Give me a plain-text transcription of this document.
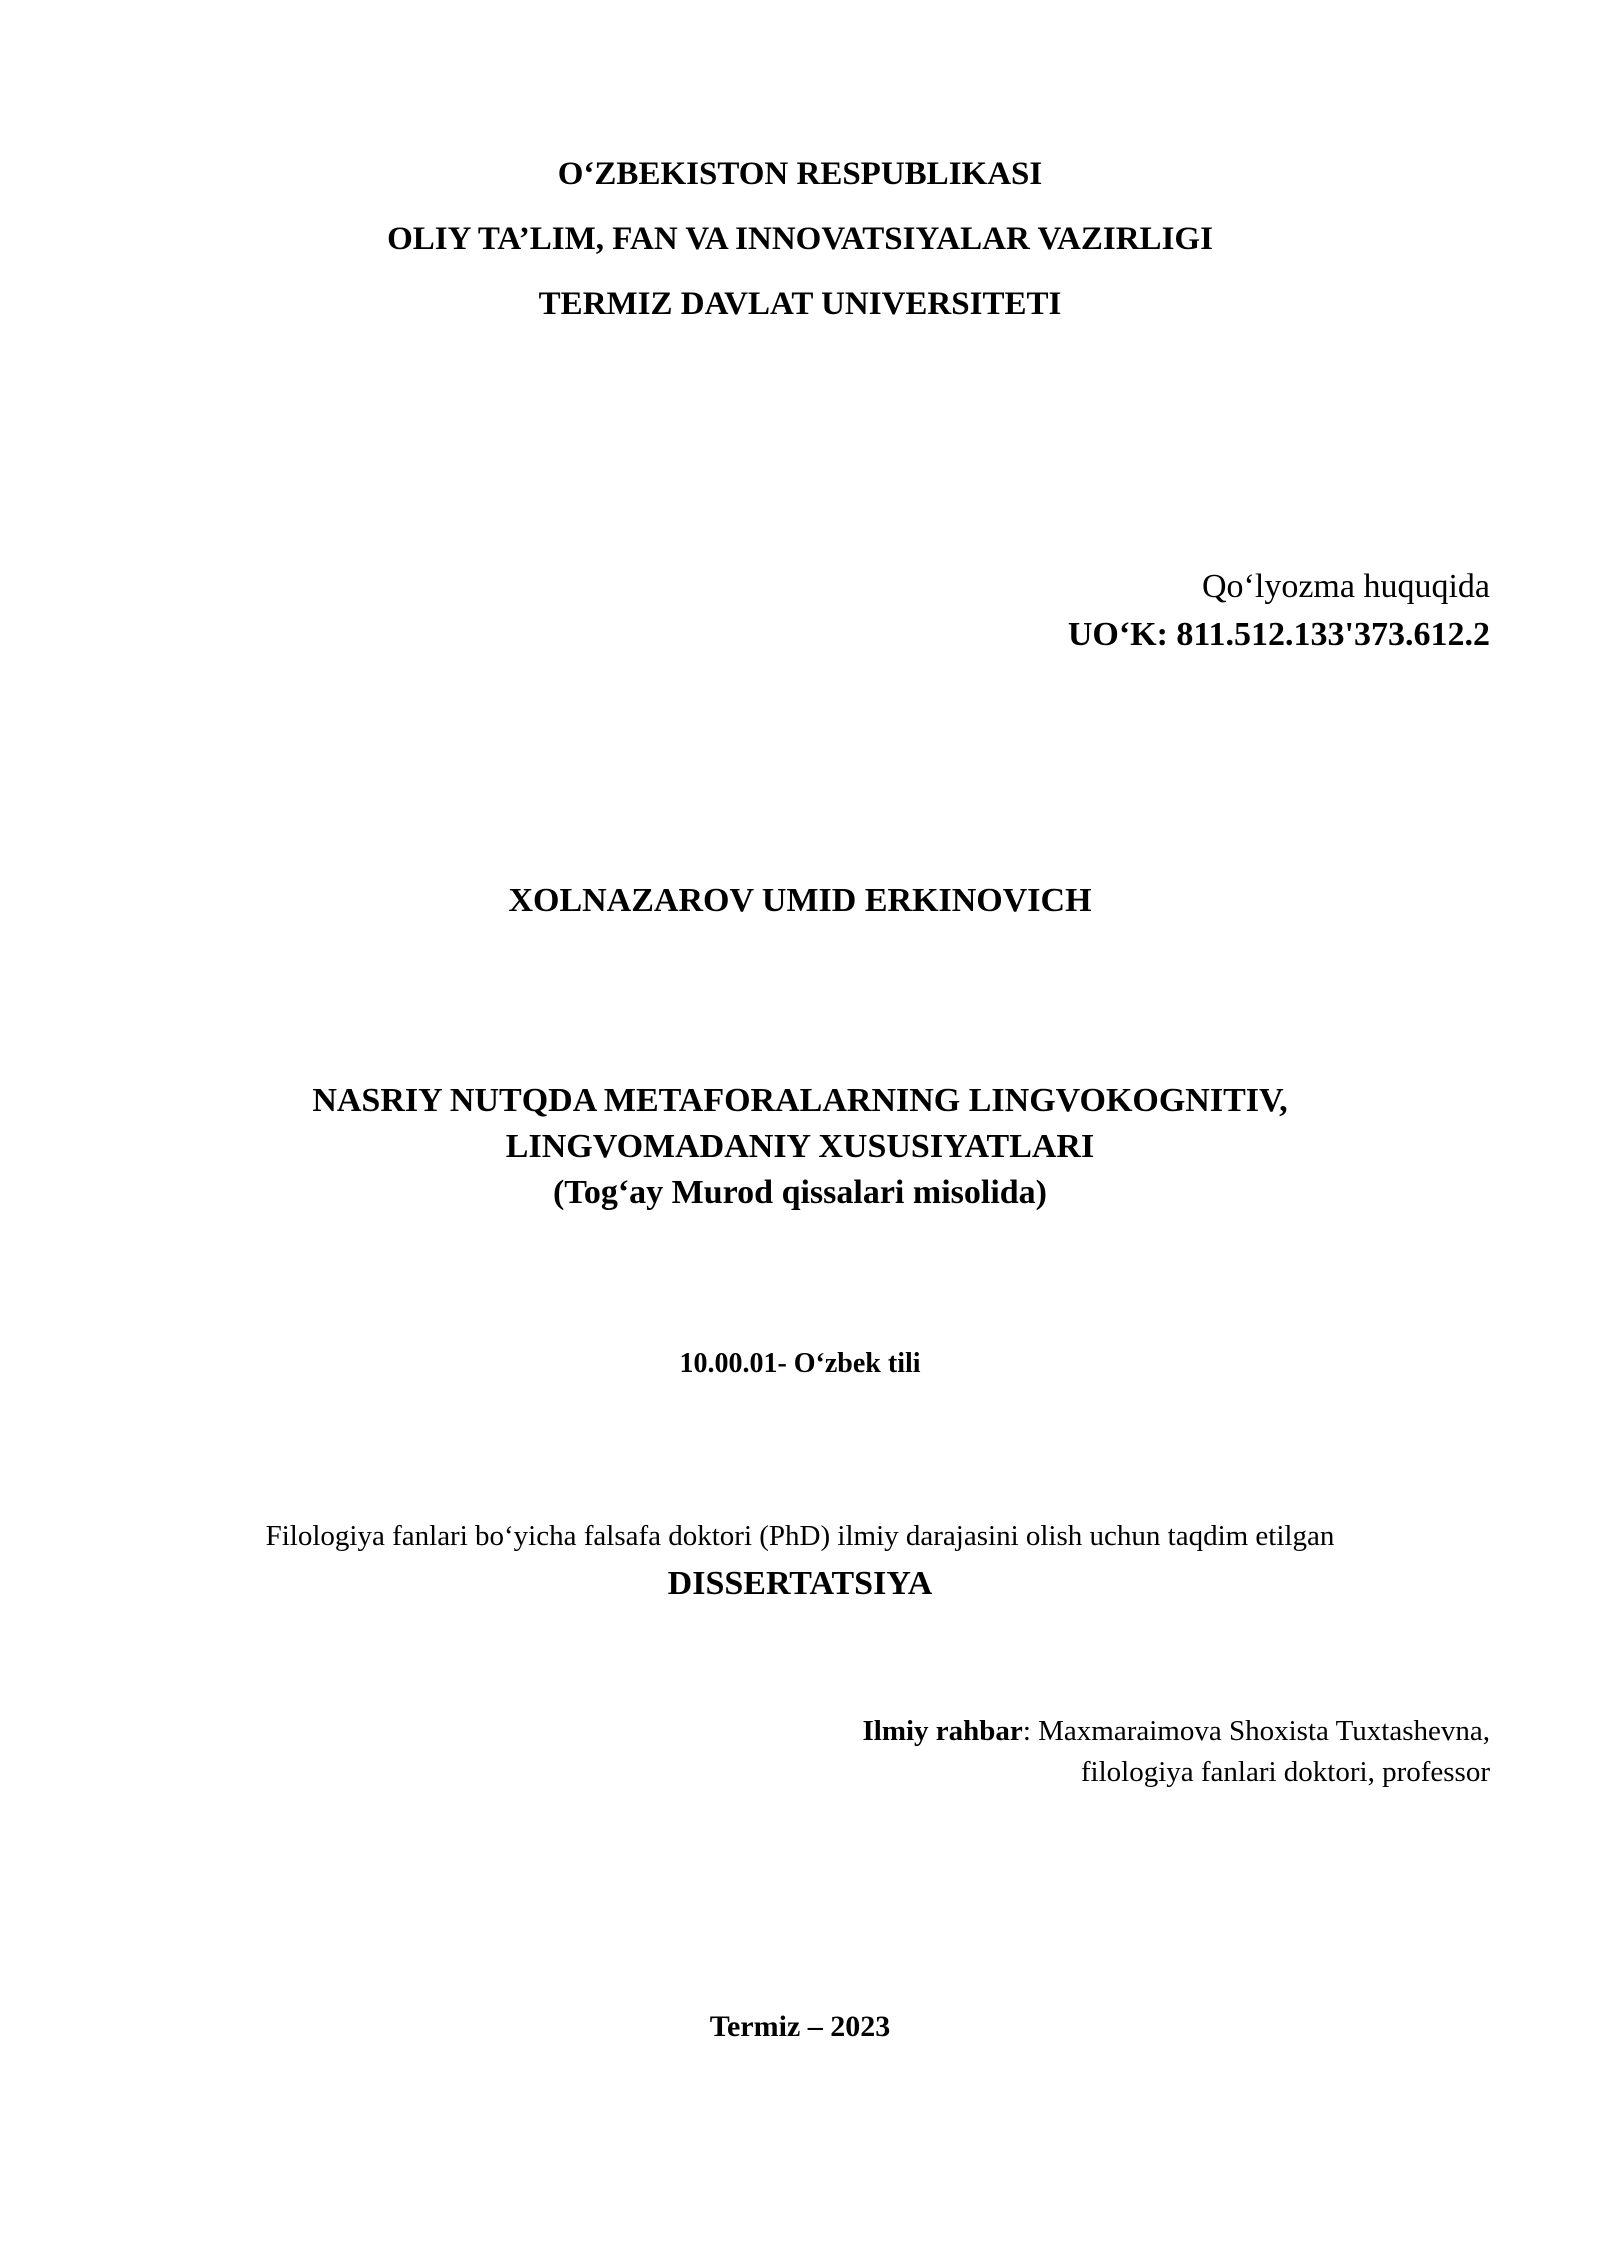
O‘ZBEKISTON RESPUBLIKASI
OLIY TA’LIM, FAN VA INNOVATSIYALAR VAZIRLIGI
TERMIZ DAVLAT UNIVERSITETI
Qo‘lyozma huquqida
UO‘K: 811.512.133'373.612.2
XOLNAZAROV UMID ERKINOVICH
NASRIY NUTQDA METAFORALARNING LINGVOKOGNITIV,
LINGVOMADANIY XUSUSIYATLARI
(Tog‘ay Murod qissalari misolida)
10.00.01- O‘zbek tili
Filologiya fanlari bo‘yicha falsafa doktori (PhD) ilmiy darajasini olish uchun taqdim etilgan
DISSERTATSIYA
Ilmiy rahbar: Maxmaraimova Shoxista Tuxtashevna,
filologiya fanlari doktori, professor
Termiz – 2023
